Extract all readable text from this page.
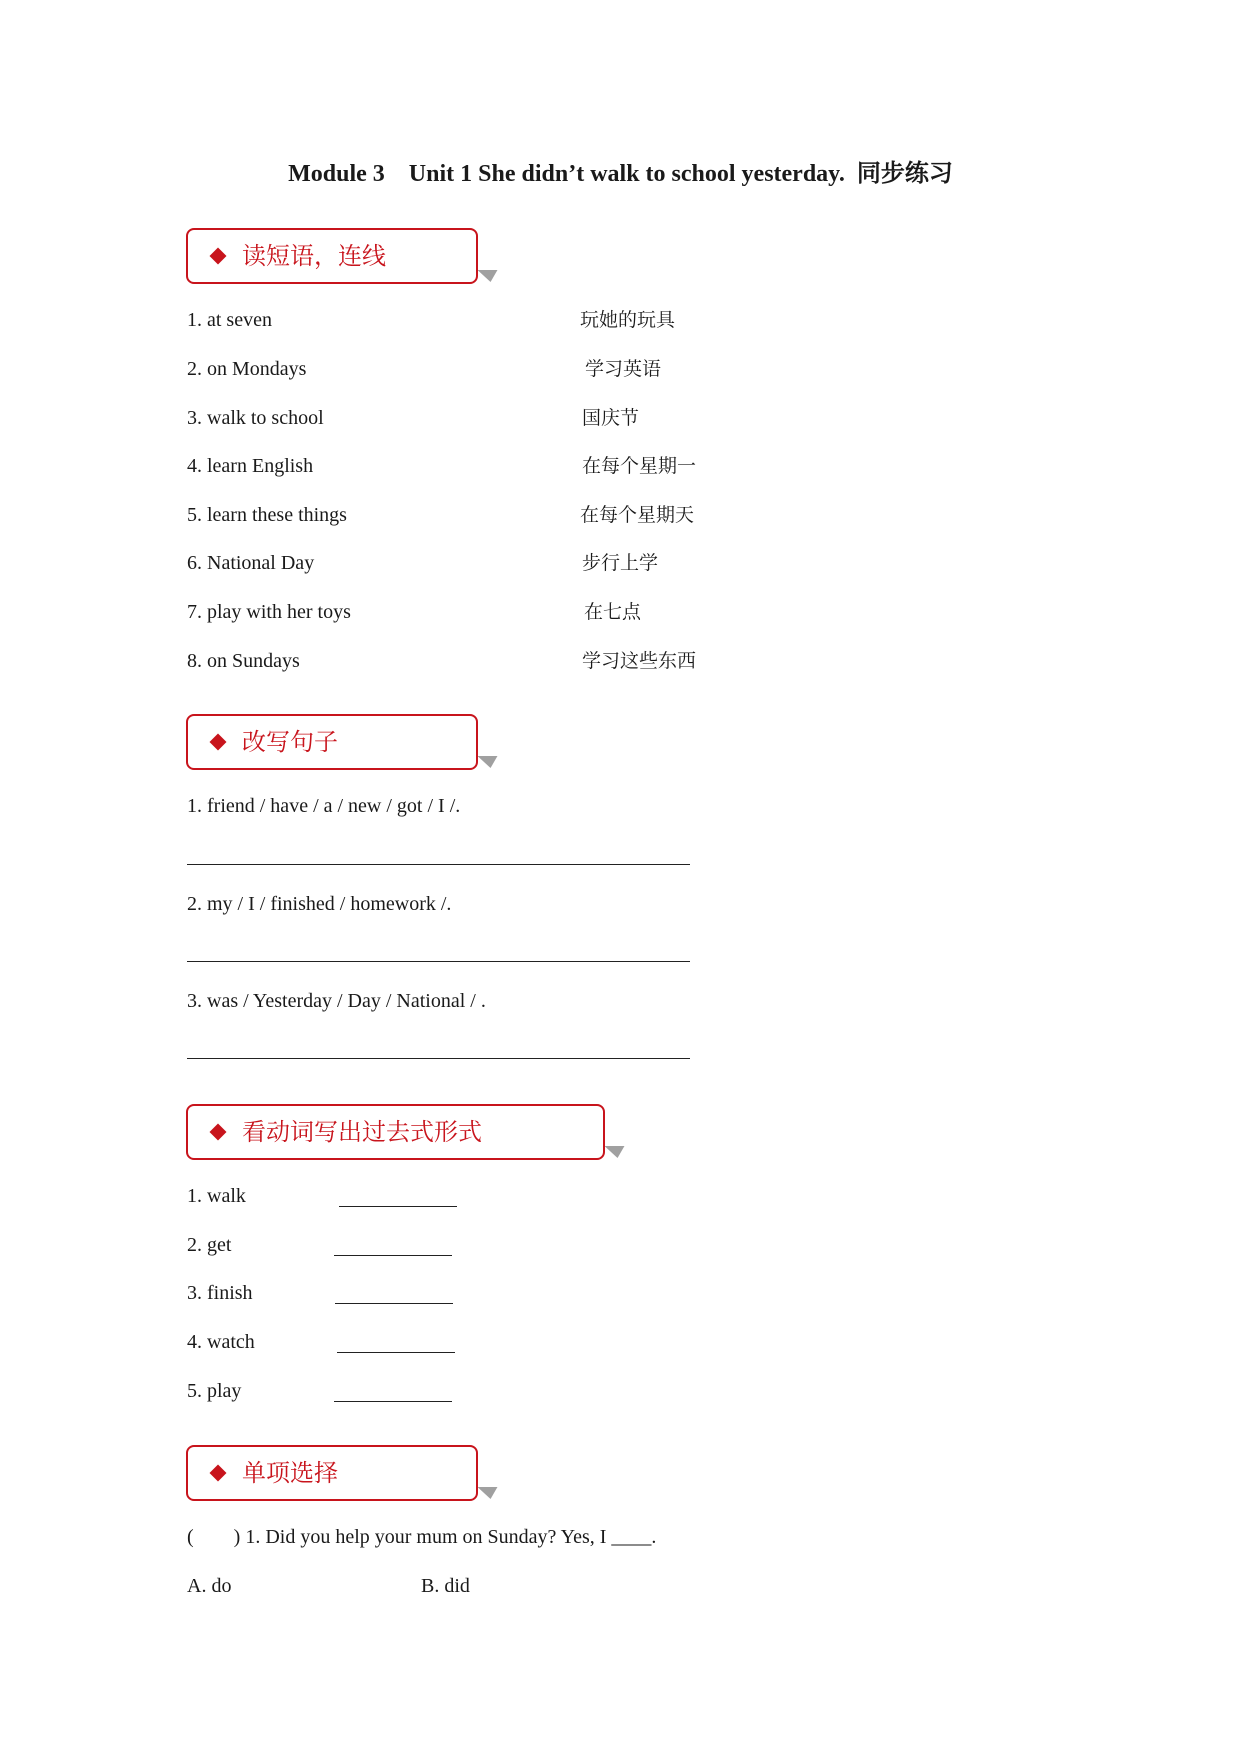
Module 3    Unit 1 She didn’t walk to school yesterday.  同步练习
读短语，连线
1. at seven
2. on Mondays
3. walk to school
4. learn English
5. learn these things
6. National Day
7. play with her toys
8. on Sundays
玩她的玩具
学习英语
国庆节
在每个星期一
在每个星期天
步行上学
在七点
学习这些东西
改写句子
1. friend / have / a / new / got / I /.
2. my / I / finished / homework /.
3. was / Yesterday / Day / National / .
看动词写出过去式形式
1. walk
2. get
3. finish
4. watch
5. play
单项选择
(        ) 1. Did you help your mum on Sunday? Yes, I ____.
A. do	B. did
